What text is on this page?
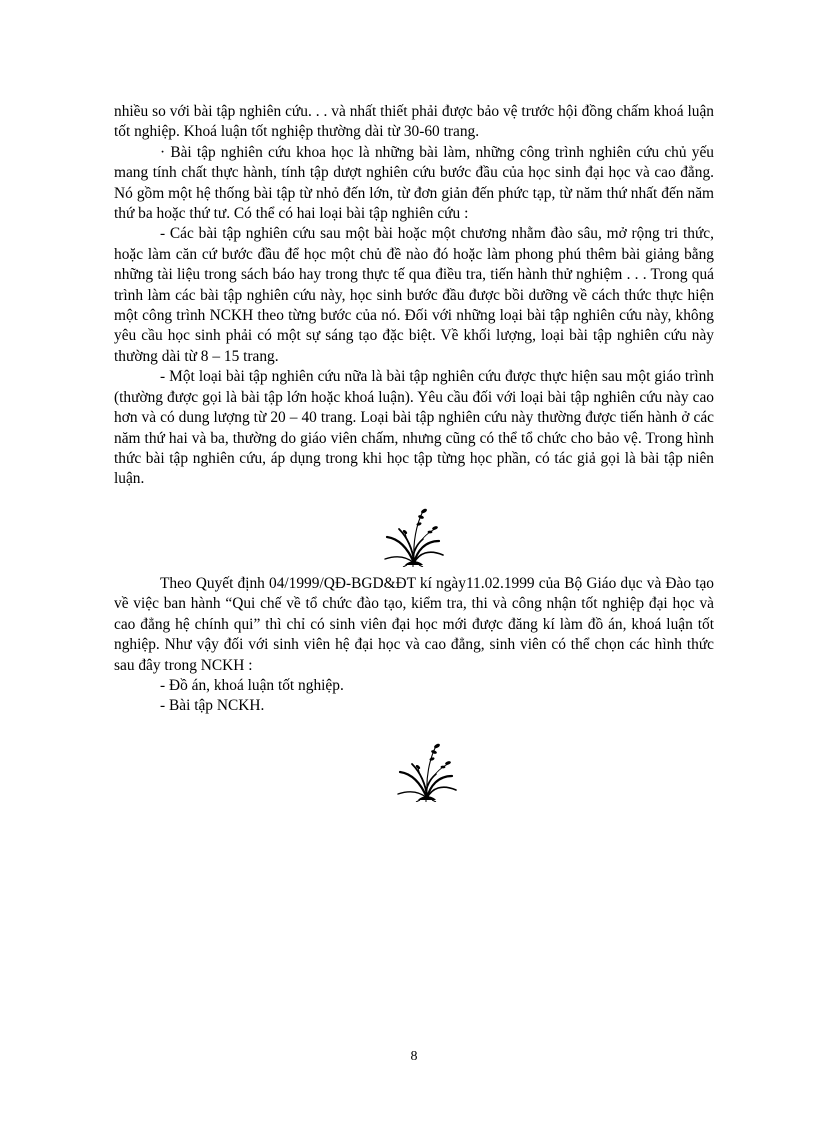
nhiều so với bài tập nghiên cứu. . . và nhất thiết phải được bảo vệ trước hội đồng chấm khoá luận tốt nghiệp. Khoá luận tốt nghiệp thường dài từ 30-60 trang.

· Bài tập nghiên cứu khoa học là những bài làm, những công trình nghiên cứu chủ yếu mang tính chất thực hành, tính tập dượt nghiên cứu bước đầu của học sinh đại học và cao đẳng. Nó gồm một hệ thống bài tập từ nhỏ đến lớn, từ đơn giản đến phức tạp, từ năm thứ nhất đến năm thứ ba hoặc thứ tư. Có thể có hai loại bài tập nghiên cứu :

- Các bài tập nghiên cứu sau một bài hoặc một chương nhằm đào sâu, mở rộng tri thức, hoặc làm căn cứ bước đầu để học một chủ đề nào đó hoặc làm phong phú thêm bài giảng bằng những tài liệu trong sách báo hay trong thực tế qua điều tra, tiến hành thử nghiệm . . . Trong quá trình làm các bài tập nghiên cứu này, học sinh bước đầu được bồi dưỡng về cách thức thực hiện một công trình NCKH theo từng bước của nó. Đối với những loại bài tập nghiên cứu này, không yêu cầu học sinh phải có một sự sáng tạo đặc biệt. Về khối lượng, loại bài tập nghiên cứu này thường dài từ 8 – 15 trang.

- Một loại bài tập nghiên cứu nữa là bài tập nghiên cứu được thực hiện sau một giáo trình (thường được gọi là bài tập lớn hoặc khoá luận). Yêu cầu đối với loại bài tập nghiên cứu này cao hơn và có dung lượng từ 20 – 40 trang. Loại bài tập nghiên cứu này thường được tiến hành ở các năm thứ hai và ba, thường do giáo viên chấm, nhưng cũng có thể tổ chức cho bảo vệ. Trong hình thức bài tập nghiên cứu, áp dụng trong khi học tập từng học phần, có tác giả gọi là bài tập niên luận.

Theo Quyết định 04/1999/QĐ-BGD&ĐT kí ngày11.02.1999 của Bộ Giáo dục và Đào tạo về việc ban hành “Qui chế về tổ chức đào tạo, kiểm tra, thi và công nhận tốt nghiệp đại học và cao đẳng hệ chính qui” thì chỉ có sinh viên đại học mới được đăng kí làm đồ án, khoá luận tốt nghiệp. Như vậy đối với sinh viên hệ đại học và cao đẳng, sinh viên có thể chọn các hình thức sau đây trong NCKH :

- Đồ án, khoá luận tốt nghiệp.

- Bài tập NCKH.

8
